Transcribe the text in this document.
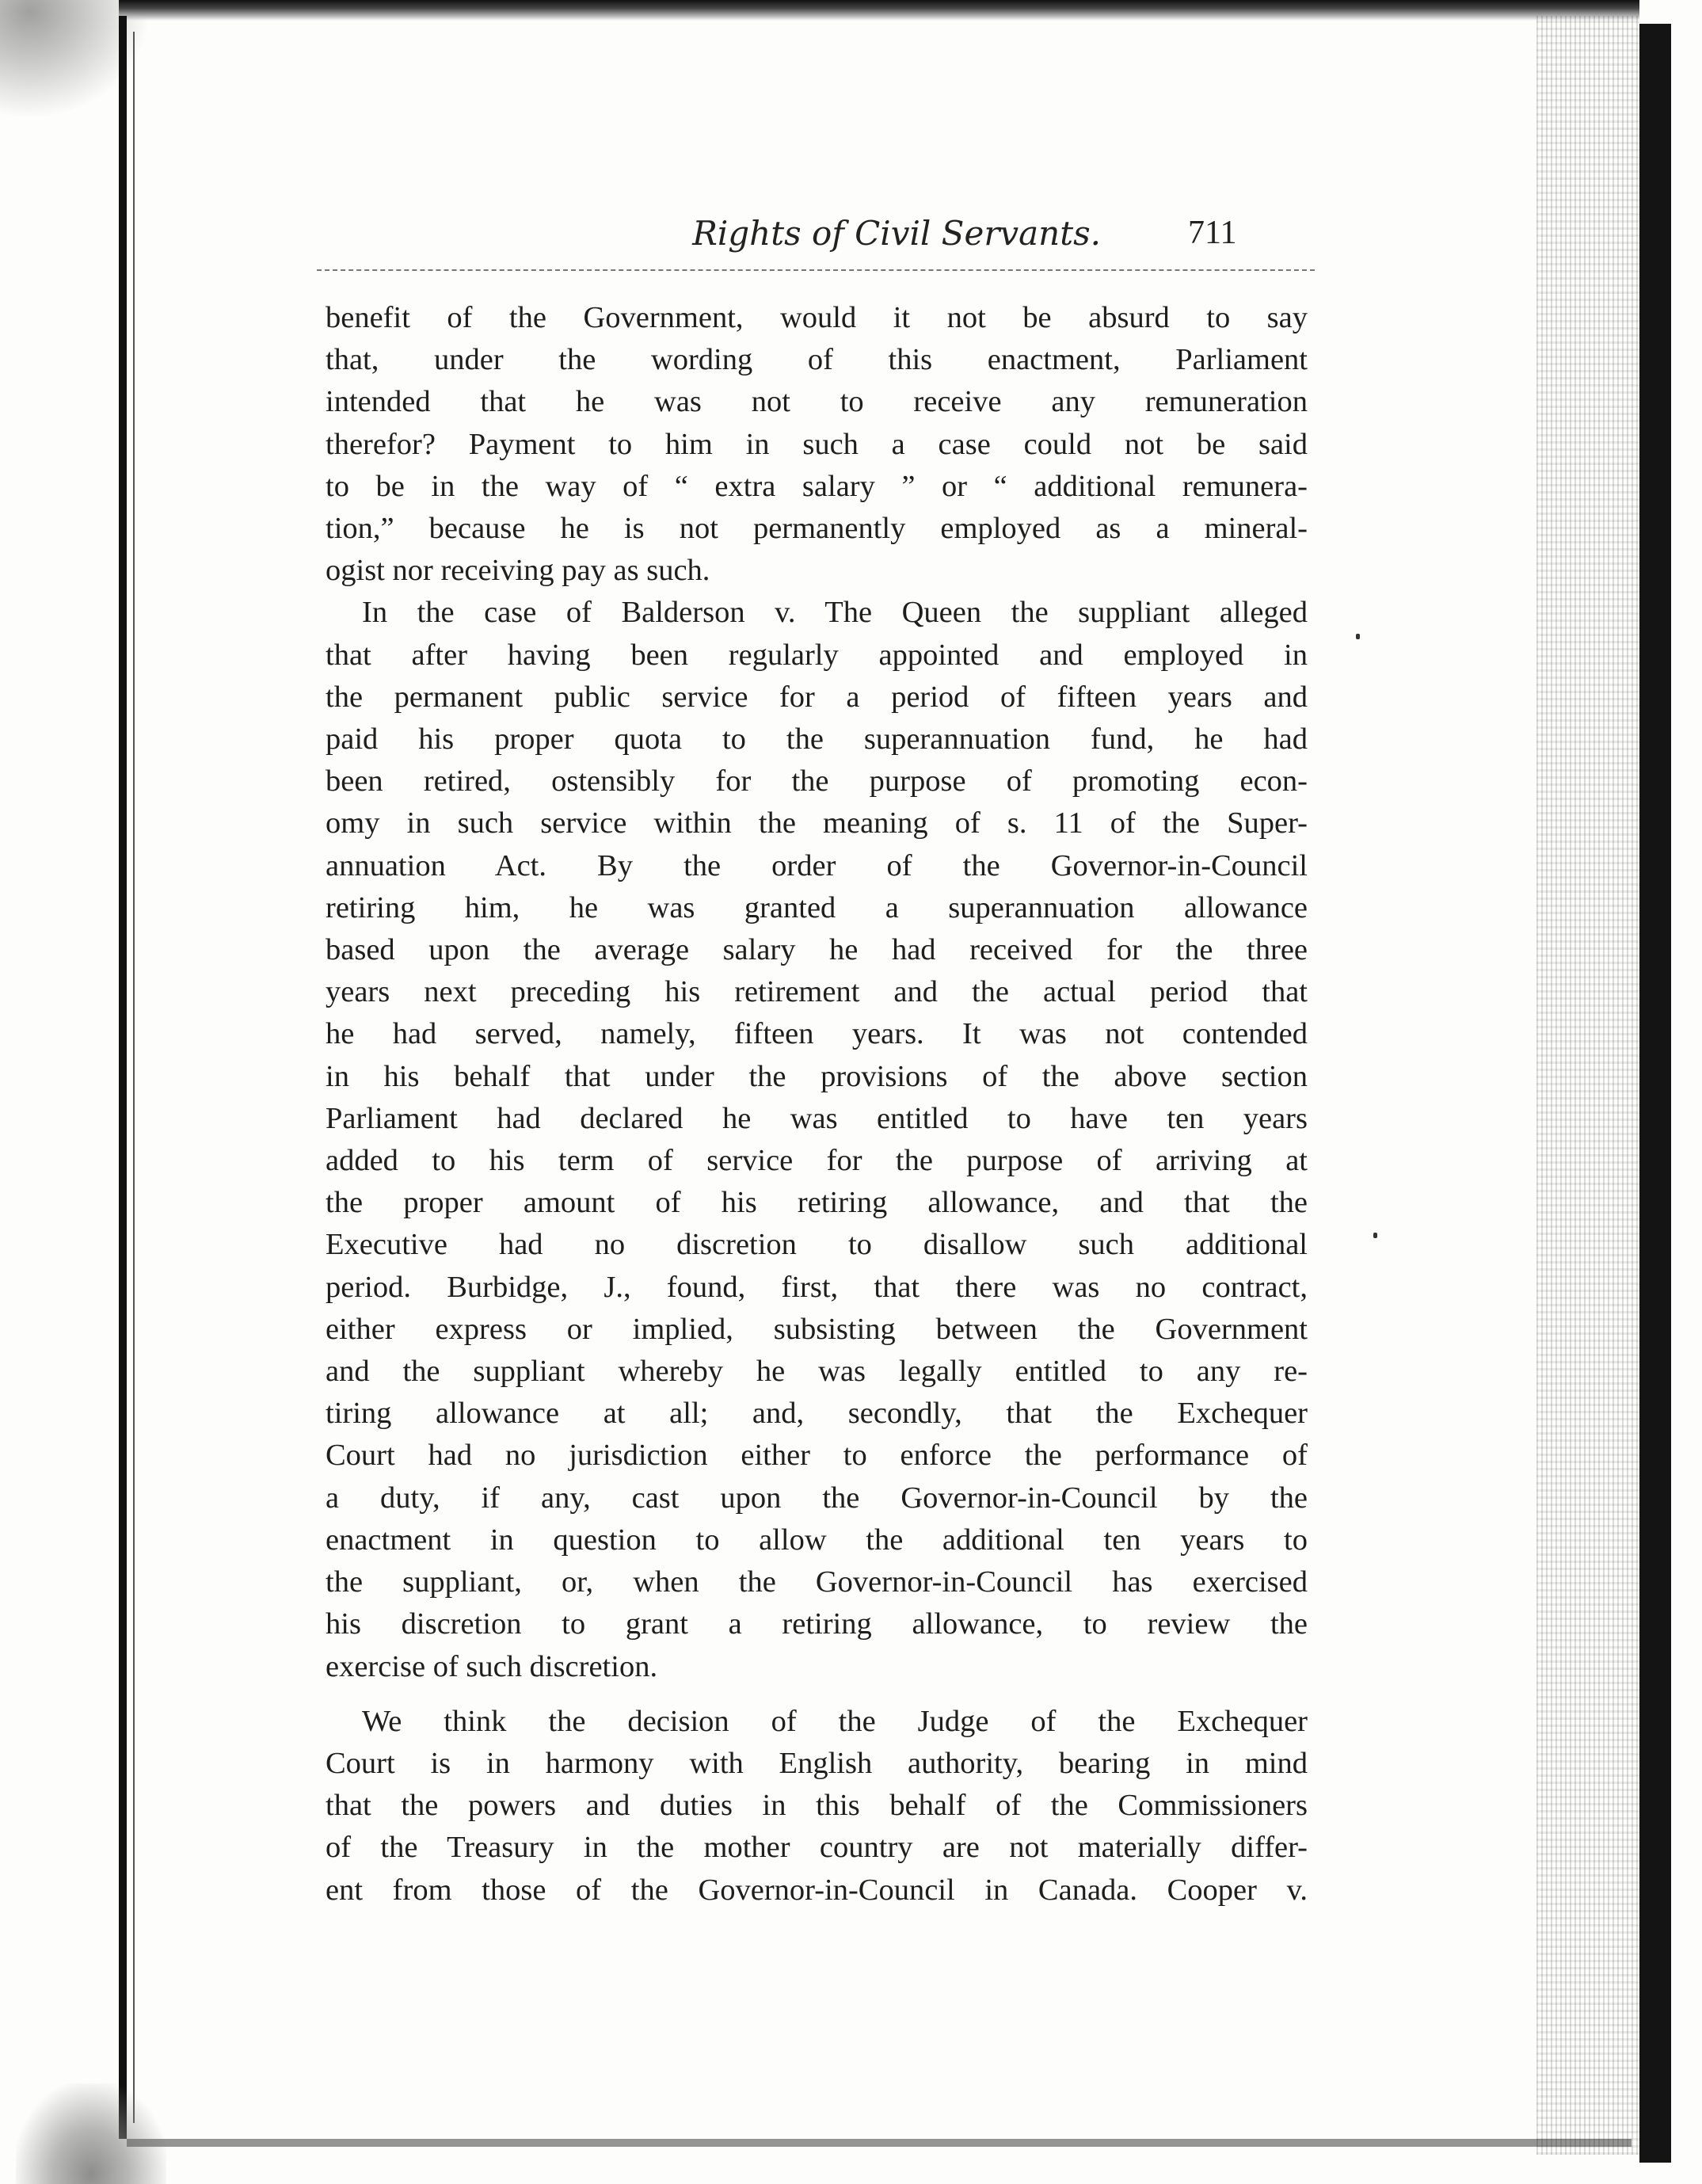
Rights of Civil Servants.	711

benefit of the Government, would it not be absurd to say

that, under the wording of this enactment, Parliament

intended that he was not to receive any remuneration

therefor? Payment to him in such a case could not be said

to be in the way of “ extra salary ” or “ additional remunera-

tion,” because he is not permanently employed as a mineral-

ogist nor receiving pay as such.

In the case of Balderson v. The Queen the suppliant alleged

that after having been regularly appointed and employed in

the permanent public service for a period of fifteen years and

paid his proper quota to the superannuation fund, he had

been retired, ostensibly for the purpose of promoting econ-

omy in such service within the meaning of s. 11 of the Super-

annuation Act. By the order of the Governor-in-Council

retiring him, he was granted a superannuation allowance

based upon the average salary he had received for the three

years next preceding his retirement and the actual period that

he had served, namely, fifteen years. It was not contended

in his behalf that under the provisions of the above section

Parliament had declared he was entitled to have ten years

added to his term of service for the purpose of arriving at

the proper amount of his retiring allowance, and that the

Executive had no discretion to disallow such additional

period. Burbidge, J., found, first, that there was no contract,

either express or implied, subsisting between the Government

and the suppliant whereby he was legally entitled to any re-

tiring allowance at all; and, secondly, that the Exchequer

Court had no jurisdiction either to enforce the performance of

a duty, if any, cast upon the Governor-in-Council by the

enactment in question to allow the additional ten years to

the suppliant, or, when the Governor-in-Council has exercised

his discretion to grant a retiring allowance, to review the

exercise of such discretion.

We think the decision of the Judge of the Exchequer

Court is in harmony with English authority, bearing in mind

that the powers and duties in this behalf of the Commissioners

of the Treasury in the mother country are not materially differ-

ent from those of the Governor-in-Council in Canada. Cooper v.
